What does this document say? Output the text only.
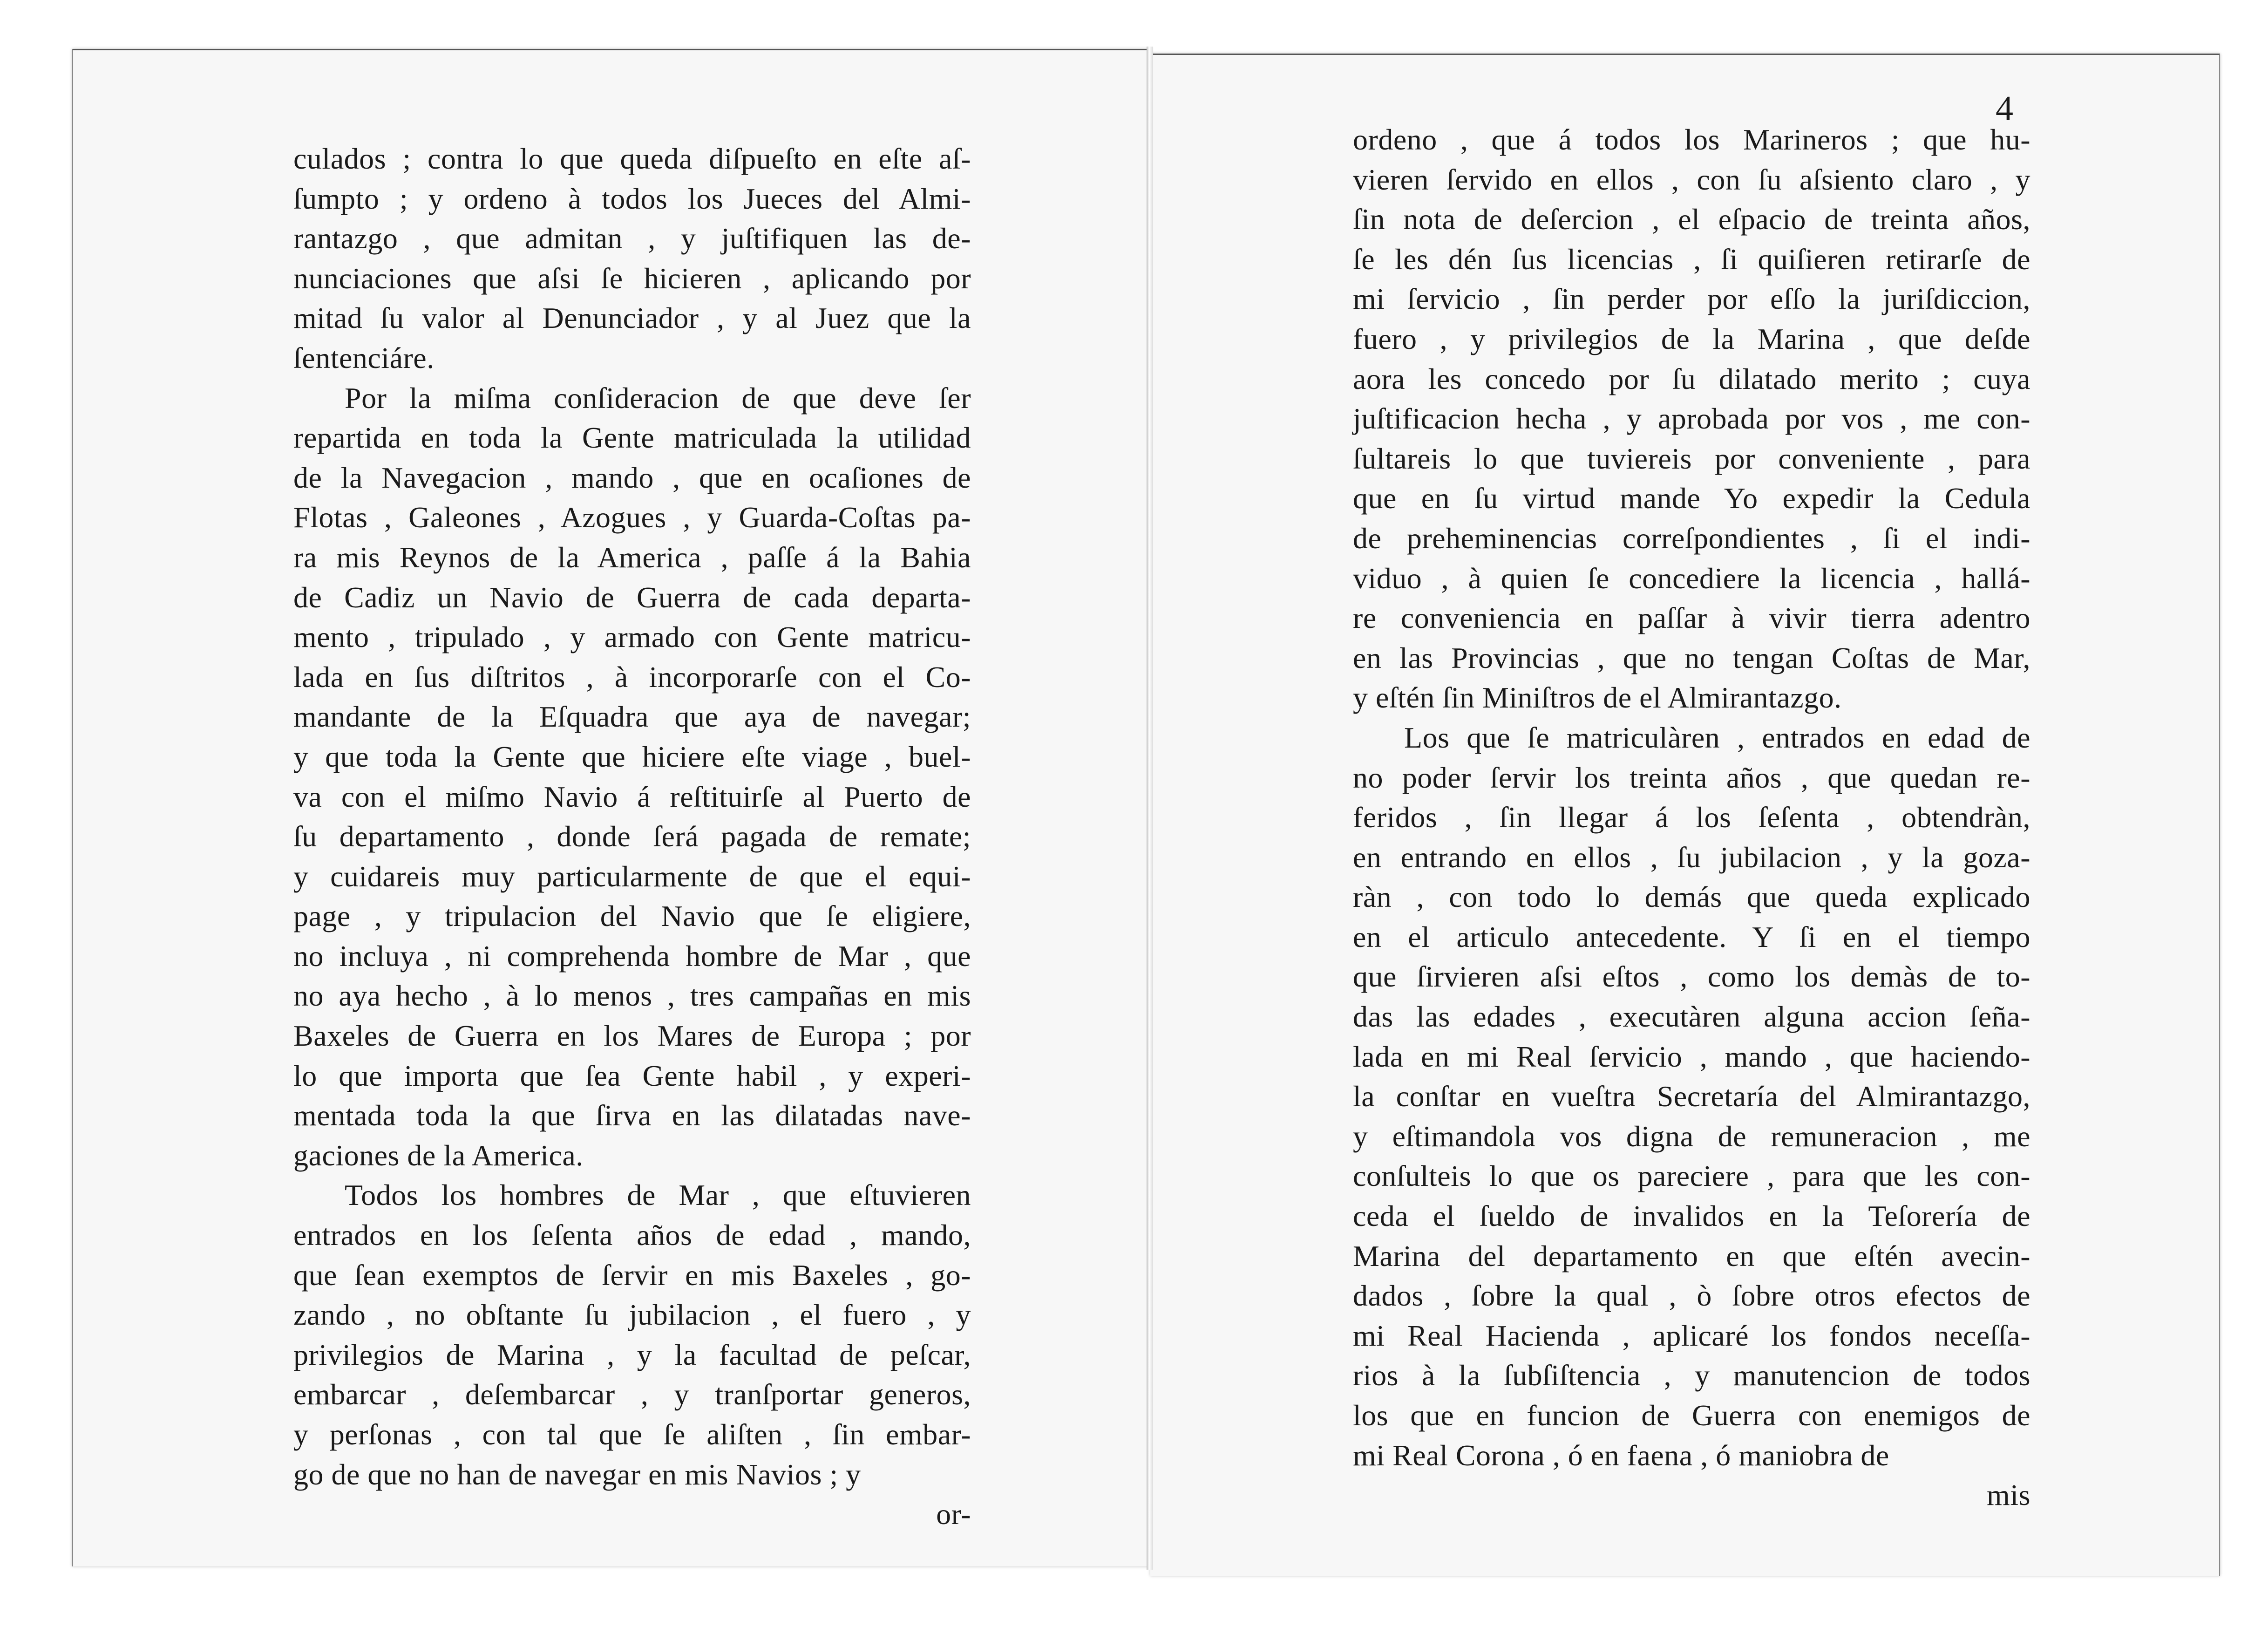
culados ; contra lo que queda diſpueſto en eſte aſ-
ſumpto ; y ordeno à todos los Jueces del Almi-
rantazgo , que admitan , y juſtifiquen las de-
nunciaciones que aſsi ſe hicieren , aplicando por
mitad ſu valor al Denunciador , y al Juez que la
ſentenciáre.
Por la miſma conſideracion de que deve ſer
repartida en toda la Gente matriculada la utilidad
de la Navegacion , mando , que en ocaſiones de
Flotas , Galeones , Azogues , y Guarda-Coſtas pa-
ra mis Reynos de la America , paſſe á la Bahia
de Cadiz un Navio de Guerra de cada departa-
mento , tripulado , y armado con Gente matricu-
lada en ſus diſtritos , à incorporarſe con el Co-
mandante de la Eſquadra que aya de navegar;
y que toda la Gente que hiciere eſte viage , buel-
va con el miſmo Navio á reſtituirſe al Puerto de
ſu departamento , donde ſerá pagada de remate;
y cuidareis muy particularmente de que el equi-
page , y tripulacion del Navio que ſe eligiere,
no incluya , ni comprehenda hombre de Mar , que
no aya hecho , à lo menos , tres campañas en mis
Baxeles de Guerra en los Mares de Europa ; por
lo que importa que ſea Gente habil , y experi-
mentada toda la que ſirva en las dilatadas nave-
gaciones de la America.
Todos los hombres de Mar , que eſtuvieren
entrados en los ſeſenta años de edad , mando,
que ſean exemptos de ſervir en mis Baxeles , go-
zando , no obſtante ſu jubilacion , el fuero , y
privilegios de Marina , y la facultad de peſcar,
embarcar , deſembarcar , y tranſportar generos,
y perſonas , con tal que ſe aliſten , ſin embar-
go de que no han de navegar en mis Navios ; y
or-
ordeno , que á todos los Marineros ; que hu-
vieren ſervido en ellos , con ſu aſsiento claro , y
ſin nota de deſercion , el eſpacio de treinta años,
ſe les dén ſus licencias , ſi quiſieren retirarſe de
mi ſervicio , ſin perder por eſſo la juriſdiccion,
fuero , y privilegios de la Marina , que deſde
aora les concedo por ſu dilatado merito ; cuya
juſtificacion hecha , y aprobada por vos , me con-
ſultareis lo que tuviereis por conveniente , para
que en ſu virtud mande Yo expedir la Cedula
de preheminencias correſpondientes , ſi el indi-
viduo , à quien ſe concediere la licencia , hallá-
re conveniencia en paſſar à vivir tierra adentro
en las Provincias , que no tengan Coſtas de Mar,
y eſtén ſin Miniſtros de el Almirantazgo.
Los que ſe matriculàren , entrados en edad de
no poder ſervir los treinta años , que quedan re-
feridos , ſin llegar á los ſeſenta , obtendràn,
en entrando en ellos , ſu jubilacion , y la goza-
ràn , con todo lo demás que queda explicado
en el articulo antecedente. Y ſi en el tiempo
que ſirvieren aſsi eſtos , como los demàs de to-
das las edades , executàren alguna accion ſeña-
lada en mi Real ſervicio , mando , que haciendo-
la conſtar en vueſtra Secretaría del Almirantazgo,
y eſtimandola vos digna de remuneracion , me
conſulteis lo que os pareciere , para que les con-
ceda el ſueldo de invalidos en la Teſorería de
Marina del departamento en que eſtén avecin-
dados , ſobre la qual , ò ſobre otros efectos de
mi Real Hacienda , aplicaré los fondos neceſſa-
rios à la ſubſiſtencia , y manutencion de todos
los que en funcion de Guerra con enemigos de
mi Real Corona , ó en faena , ó maniobra de
mis
4
